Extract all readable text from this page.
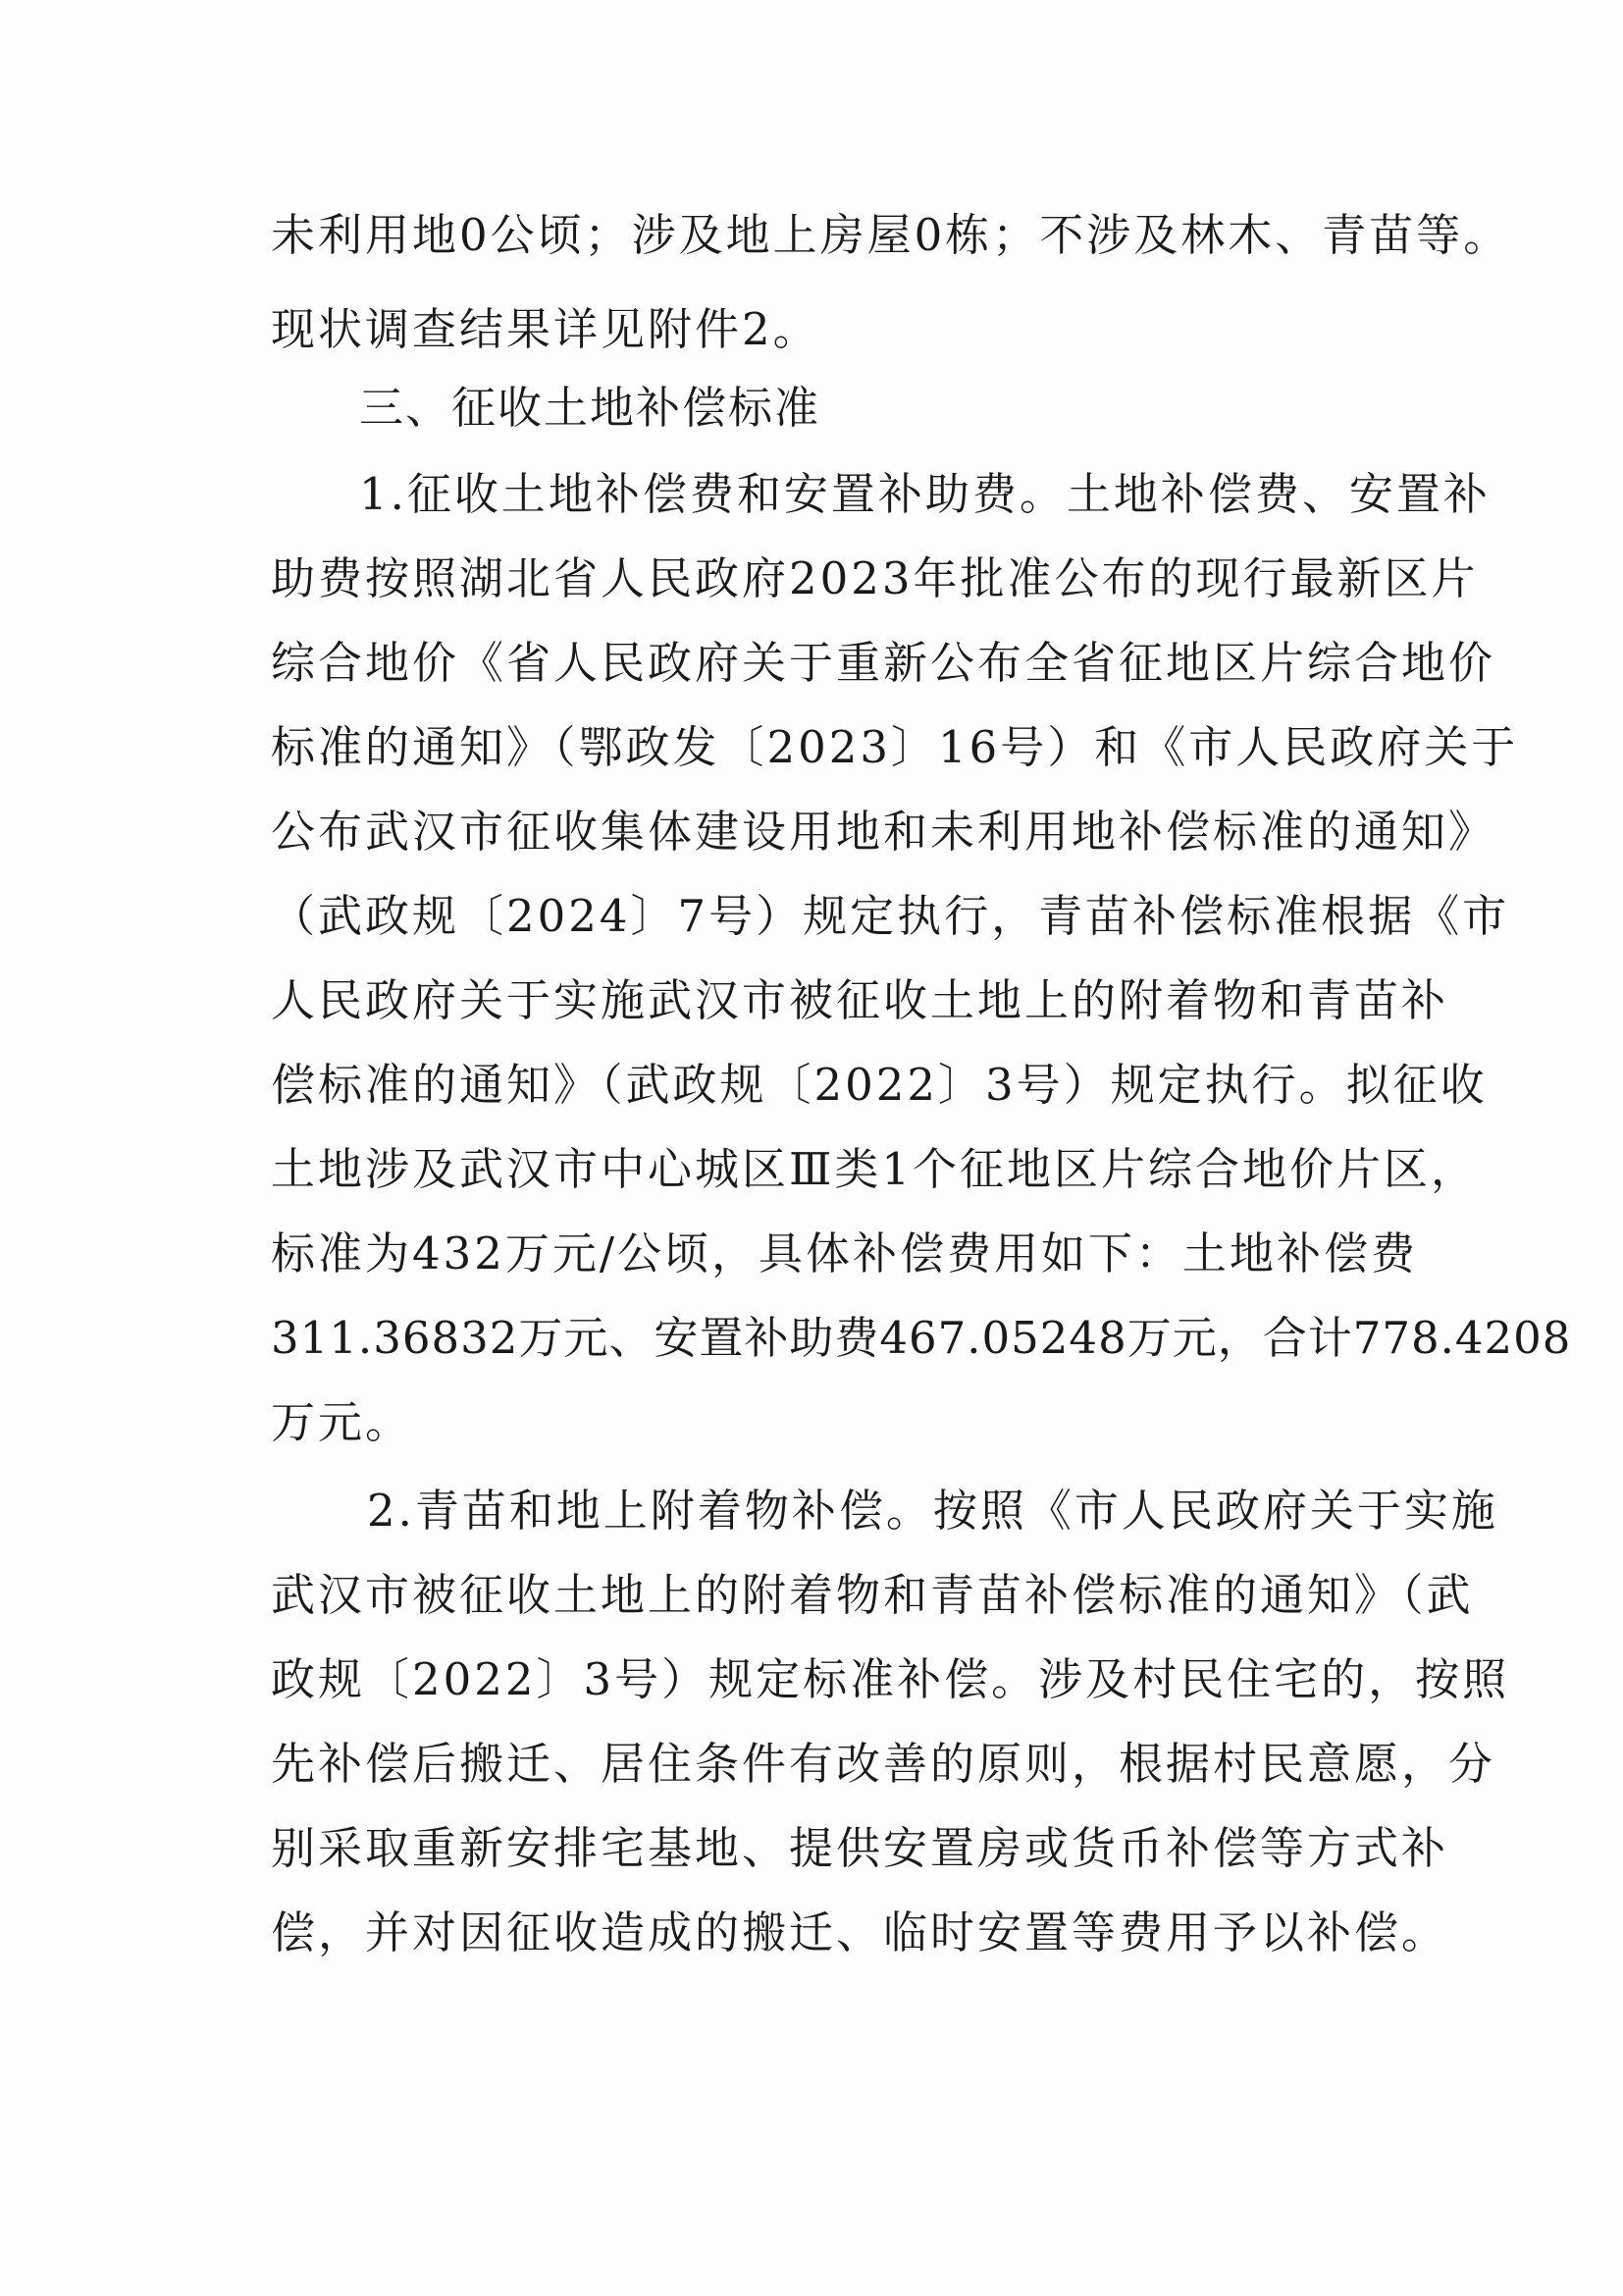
未利用地0公顷；涉及地上房屋0栋；不涉及林木、青苗等。
现状调查结果详见附件2。
三、征收土地补偿标准
1.征收土地补偿费和安置补助费。土地补偿费、安置补
助费按照湖北省人民政府2023年批准公布的现行最新区片
综合地价《省人民政府关于重新公布全省征地区片综合地价
标准的通知》（鄂政发〔2023〕16号）和《市人民政府关于
公布武汉市征收集体建设用地和未利用地补偿标准的通知》
（武政规〔2024〕7号）规定执行，青苗补偿标准根据《市
人民政府关于实施武汉市被征收土地上的附着物和青苗补
偿标准的通知》（武政规〔2022〕3号）规定执行。拟征收
土地涉及武汉市中心城区Ⅲ类1个征地区片综合地价片区，
标准为432万元/公顷，具体补偿费用如下：土地补偿费
311.36832万元、安置补助费467.05248万元，合计778.4208
万元。
2.青苗和地上附着物补偿。按照《市人民政府关于实施
武汉市被征收土地上的附着物和青苗补偿标准的通知》（武
政规〔2022〕3号）规定标准补偿。涉及村民住宅的，按照
先补偿后搬迁、居住条件有改善的原则，根据村民意愿，分
别采取重新安排宅基地、提供安置房或货币补偿等方式补
偿，并对因征收造成的搬迁、临时安置等费用予以补偿。
